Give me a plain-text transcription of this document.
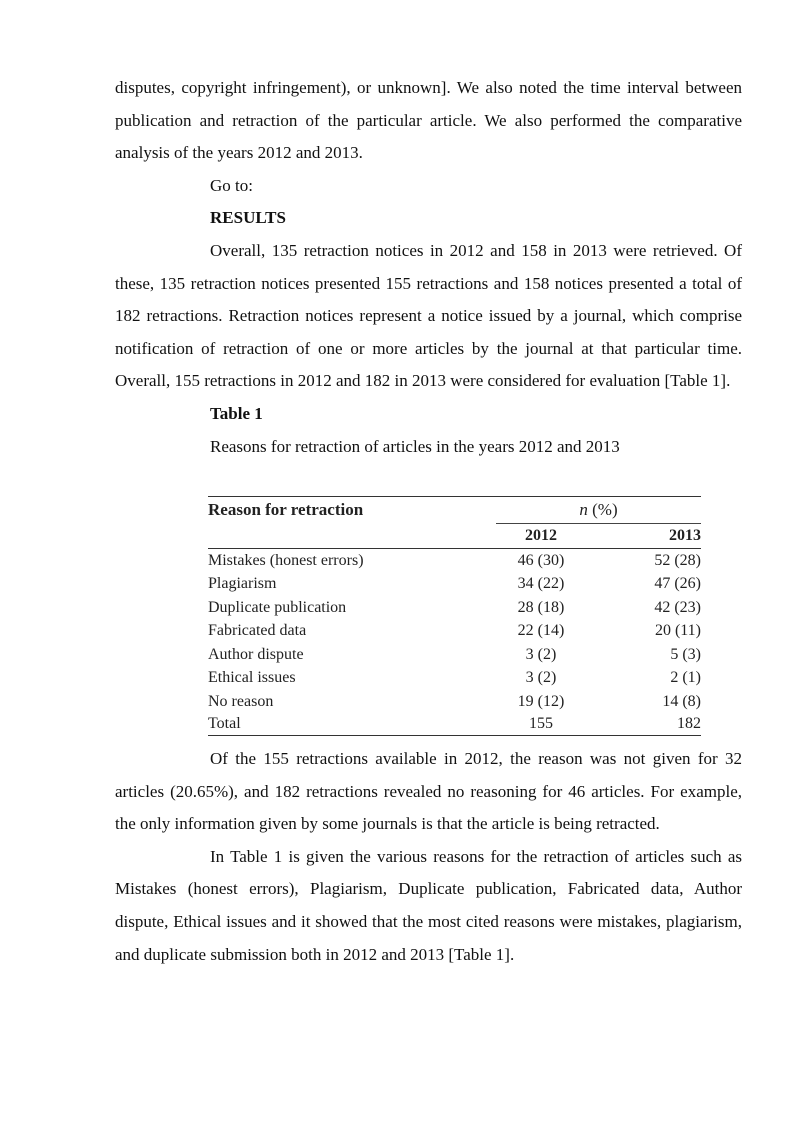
disputes, copyright infringement), or unknown]. We also noted the time interval between publication and retraction of the particular article. We also performed the comparative analysis of the years 2012 and 2013.

Go to:

RESULTS

Overall, 135 retraction notices in 2012 and 158 in 2013 were retrieved. Of these, 135 retraction notices presented 155 retractions and 158 notices presented a total of 182 retractions. Retraction notices represent a notice issued by a journal, which comprise notification of retraction of one or more articles by the journal at that particular time. Overall, 155 retractions in 2012 and 182 in 2013 were considered for evaluation [Table 1].

Table 1

Reasons for retraction of articles in the years 2012 and 2013

Reason for retraction	n (%)	
	2012	2013
Mistakes (honest errors)	46 (30)	52 (28)
Plagiarism	34 (22)	47 (26)
Duplicate publication	28 (18)	42 (23)
Fabricated data	22 (14)	20 (11)
Author dispute	3 (2)	5 (3)
Ethical issues	3 (2)	2 (1)
No reason	19 (12)	14 (8)
Total	155	182

Of the 155 retractions available in 2012, the reason was not given for 32 articles (20.65%), and 182 retractions revealed no reasoning for 46 articles. For example, the only information given by some journals is that the article is being retracted.

In Table 1 is given the various reasons for the retraction of articles such as Mistakes (honest errors), Plagiarism, Duplicate publication, Fabricated data, Author dispute, Ethical issues and it showed that the most cited reasons were mistakes, plagiarism, and duplicate submission both in 2012 and 2013 [Table 1].
